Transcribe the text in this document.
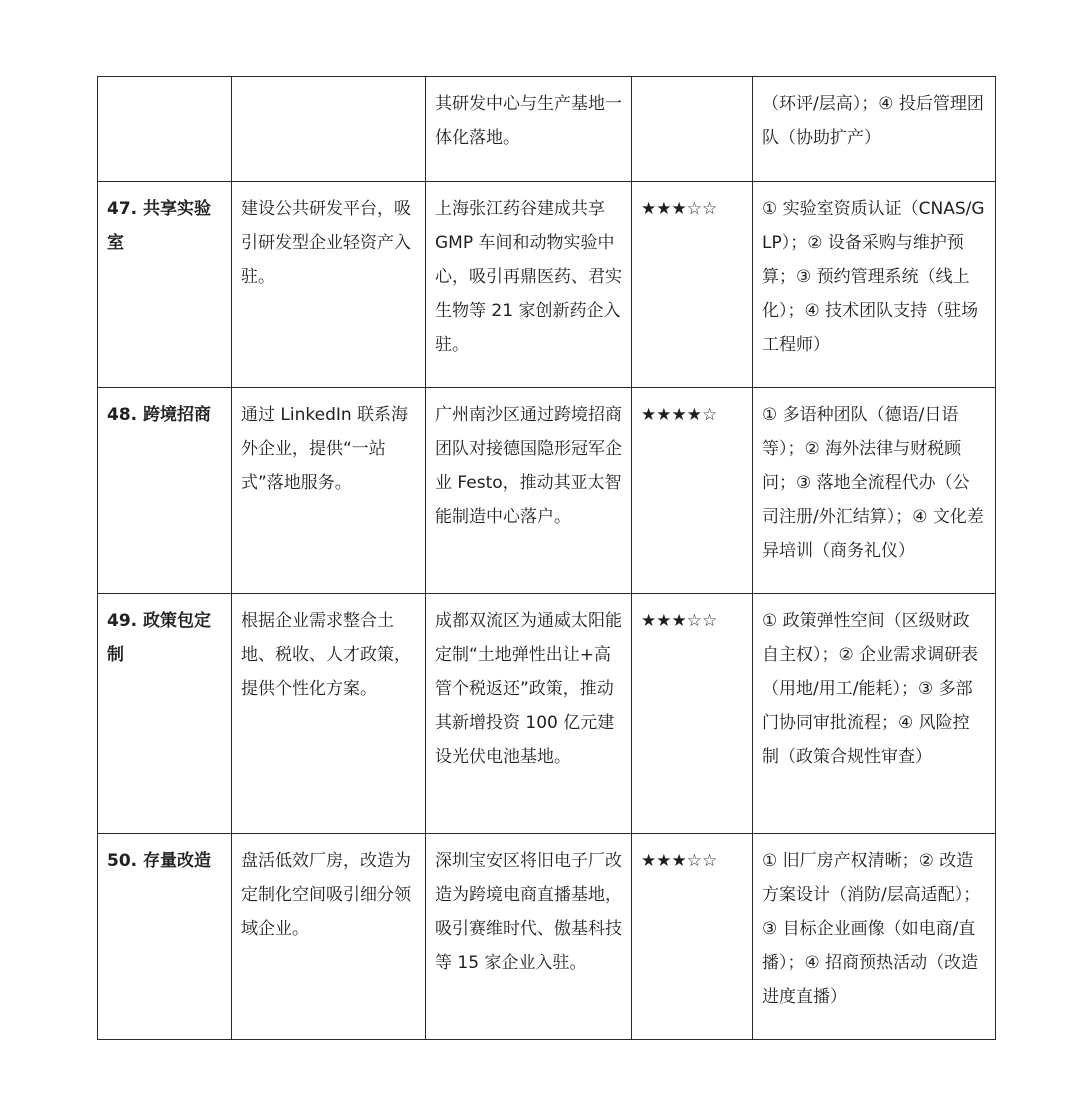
		其研发中心与生产基地一体化落地。		（环评/层高）；④ 投后管理团队（协助扩产）
47. 共享实验室	建设公共研发平台，吸引研发型企业轻资产入驻。	上海张江药谷建成共享 GMP 车间和动物实验中心，吸引再鼎医药、君实生物等 21 家创新药企入驻。	★★★☆☆	① 实验室资质认证（CNAS/GLP）；② 设备采购与维护预算；③ 预约管理系统（线上化）；④ 技术团队支持（驻场工程师）
48. 跨境招商	通过 LinkedIn 联系海外企业，提供“一站式”落地服务。	广州南沙区通过跨境招商团队对接德国隐形冠军企业 Festo，推动其亚太智能制造中心落户。	★★★★☆	① 多语种团队（德语/日语等）；② 海外法律与财税顾问；③ 落地全流程代办（公司注册/外汇结算）；④ 文化差异培训（商务礼仪）
49. 政策包定制	根据企业需求整合土地、税收、人才政策，提供个性化方案。	成都双流区为通威太阳能定制“土地弹性出让+高管个税返还”政策，推动其新增投资 100 亿元建设光伏电池基地。	★★★☆☆	① 政策弹性空间（区级财政自主权）；② 企业需求调研表（用地/用工/能耗）；③ 多部门协同审批流程；④ 风险控制（政策合规性审查）
50. 存量改造	盘活低效厂房，改造为定制化空间吸引细分领域企业。	深圳宝安区将旧电子厂改造为跨境电商直播基地，吸引赛维时代、傲基科技等 15 家企业入驻。	★★★☆☆	① 旧厂房产权清晰；② 改造方案设计（消防/层高适配）；③ 目标企业画像（如电商/直播）；④ 招商预热活动（改造进度直播）
